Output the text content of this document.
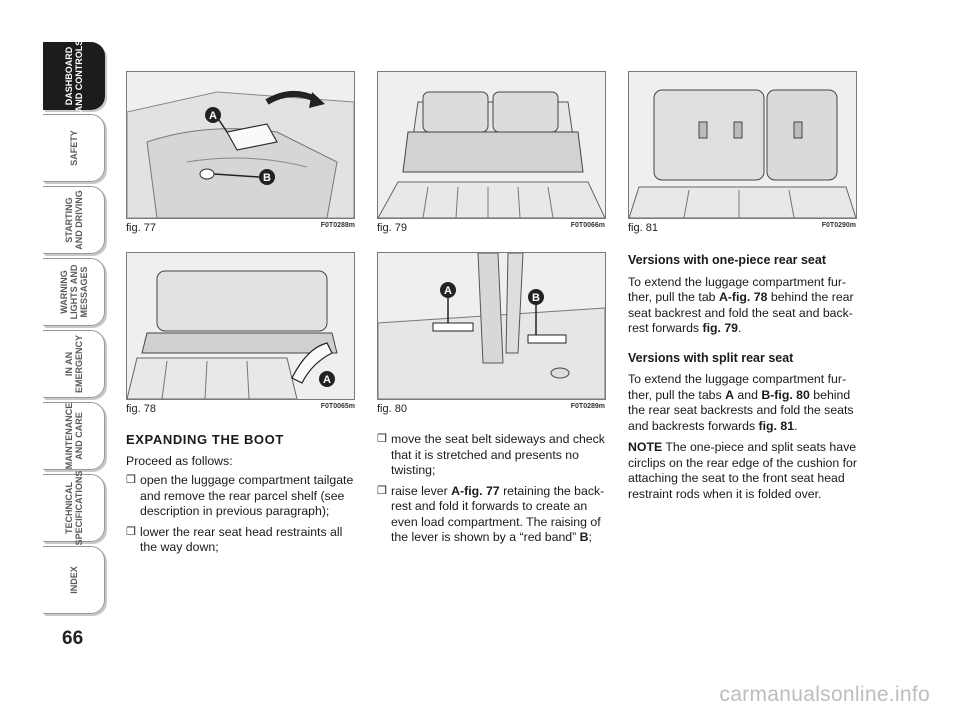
DASHBOARD
AND CONTROLS
SAFETY
STARTING
AND DRIVING
WARNING
LIGHTS AND
MESSAGES
IN AN
EMERGENCY
MAINTENANCE
AND CARE
TECHNICAL
SPECIFICATIONS
INDEX
66
A
B
fig. 77	F0T0288m fig. 79	F0T0066m fig. 81	F0T0290m
A
fig. 78	F0T0065m
A
B
fig. 80	F0T0289m

EXPANDING THE BOOT

Proceed as follows:

❒ open the luggage compartment tailgate and remove the rear parcel shelf (see description in previous paragraph);

❒ lower the rear seat head restraints all the way down;

❒ move the seat belt sideways and check that it is stretched and presents no twisting;

❒ raise lever A-fig. 77 retaining the back-rest and fold it forwards to create an even load compartment. The raising of the lever is shown by a “red band” B;

Versions with one-piece rear seat

To extend the luggage compartment fur-ther, pull the tab A-fig. 78 behind the rear seat backrest and fold the seat and back-rest forwards fig. 79.

Versions with split rear seat

To extend the luggage compartment fur-ther, pull the tabs A and B-fig. 80 behind the rear seat backrests and fold the seats and backrests forwards fig. 81.

NOTE The one-piece and split seats have circlips on the rear edge of the cushion for attaching the seat to the front seat head restraint rods when it is folded over.

carmanualsonline.info
